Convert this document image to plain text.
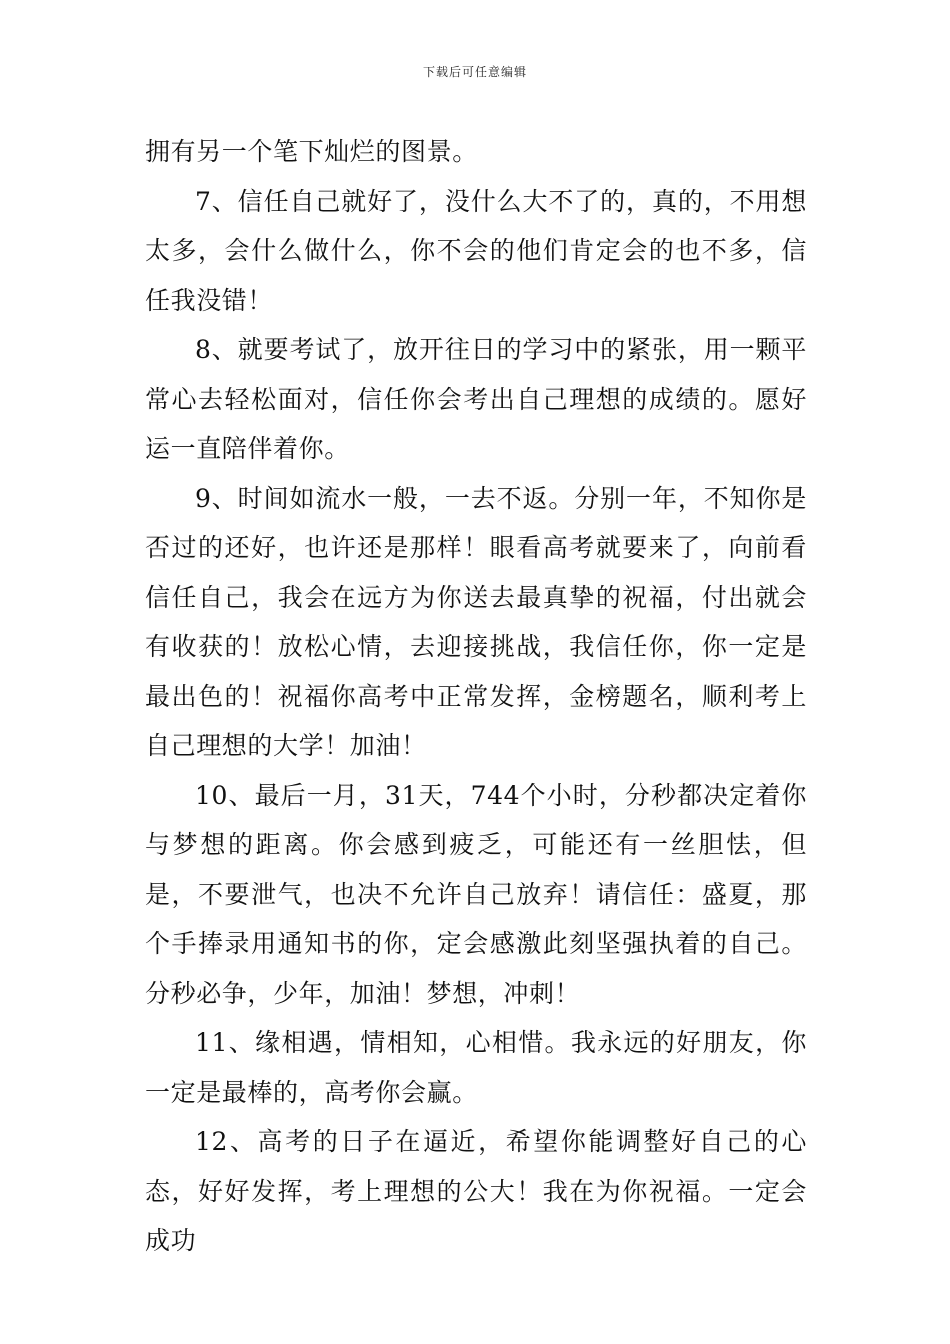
下载后可任意编辑

拥有另一个笔下灿烂的图景。

7、信任自己就好了，没什么大不了的，真的，不用想太多，会什么做什么，你不会的他们肯定会的也不多，信任我没错！

8、就要考试了，放开往日的学习中的紧张，用一颗平常心去轻松面对，信任你会考出自己理想的成绩的。愿好运一直陪伴着你。

9、时间如流水一般，一去不返。分别一年，不知你是否过的还好，也许还是那样！眼看高考就要来了，向前看信任自己，我会在远方为你送去最真挚的祝福，付出就会有收获的！放松心情，去迎接挑战，我信任你，你一定是最出色的！祝福你高考中正常发挥，金榜题名，顺利考上自己理想的大学！加油！

10、最后一月，31天，744个小时，分秒都决定着你与梦想的距离。你会感到疲乏，可能还有一丝胆怯，但是，不要泄气，也决不允许自己放弃！请信任：盛夏，那个手捧录用通知书的你，定会感激此刻坚强执着的自己。分秒必争，少年，加油！梦想，冲刺！

11、缘相遇，情相知，心相惜。我永远的好朋友，你一定是最棒的，高考你会赢。

12、高考的日子在逼近，希望你能调整好自己的心态，好好发挥，考上理想的公大！我在为你祝福。一定会成功
